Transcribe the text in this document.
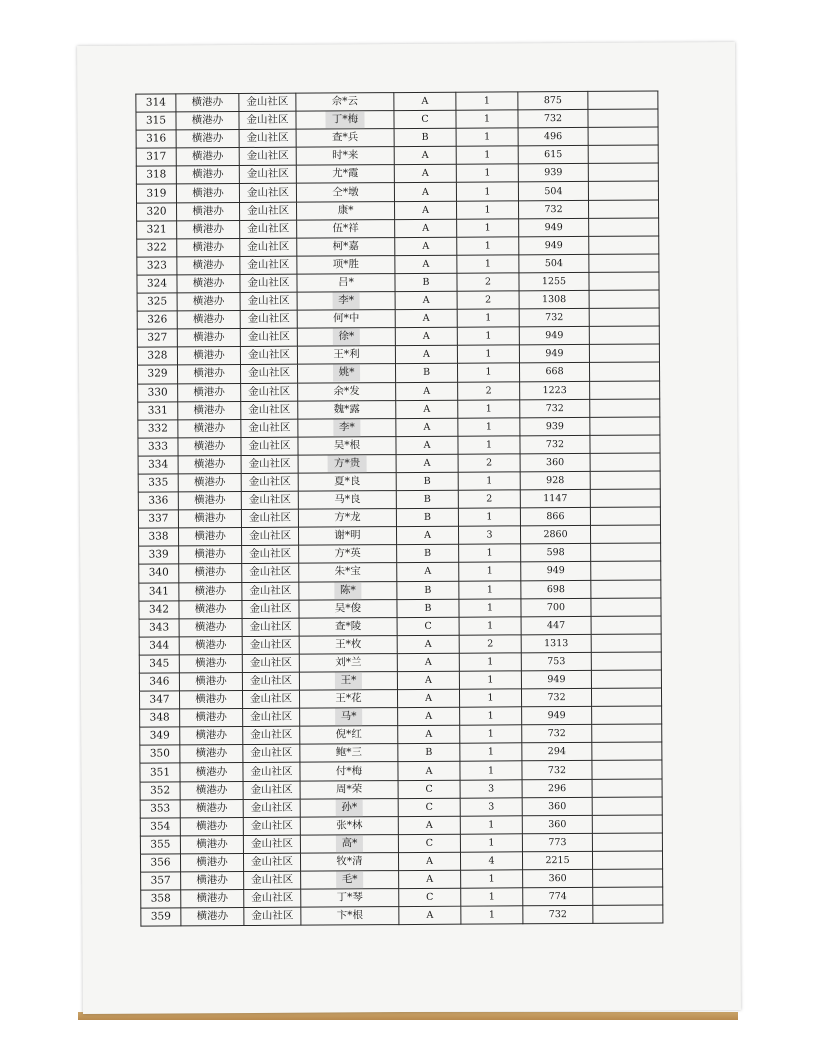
314	横港办	金山社区	佘*云	A	1	875	
315	横港办	金山社区	丁*梅	C	1	732	
316	横港办	金山社区	查*兵	B	1	496	
317	横港办	金山社区	时*来	A	1	615	
318	横港办	金山社区	尤*霞	A	1	939	
319	横港办	金山社区	仝*墩	A	1	504	
320	横港办	金山社区	康*	A	1	732	
321	横港办	金山社区	伍*祥	A	1	949	
322	横港办	金山社区	柯*嘉	A	1	949	
323	横港办	金山社区	项*胜	A	1	504	
324	横港办	金山社区	吕*	B	2	1255	
325	横港办	金山社区	李*	A	2	1308	
326	横港办	金山社区	何*中	A	1	732	
327	横港办	金山社区	徐*	A	1	949	
328	横港办	金山社区	王*利	A	1	949	
329	横港办	金山社区	姚*	B	1	668	
330	横港办	金山社区	余*发	A	2	1223	
331	横港办	金山社区	魏*露	A	1	732	
332	横港办	金山社区	李*	A	1	939	
333	横港办	金山社区	吴*根	A	1	732	
334	横港办	金山社区	方*贵	A	2	360	
335	横港办	金山社区	夏*良	B	1	928	
336	横港办	金山社区	马*良	B	2	1147	
337	横港办	金山社区	方*龙	B	1	866	
338	横港办	金山社区	谢*明	A	3	2860	
339	横港办	金山社区	方*英	B	1	598	
340	横港办	金山社区	朱*宝	A	1	949	
341	横港办	金山社区	陈*	B	1	698	
342	横港办	金山社区	吴*俊	B	1	700	
343	横港办	金山社区	查*陵	C	1	447	
344	横港办	金山社区	王*枚	A	2	1313	
345	横港办	金山社区	刘*兰	A	1	753	
346	横港办	金山社区	王*	A	1	949	
347	横港办	金山社区	王*花	A	1	732	
348	横港办	金山社区	马*	A	1	949	
349	横港办	金山社区	倪*红	A	1	732	
350	横港办	金山社区	鲍*三	B	1	294	
351	横港办	金山社区	付*梅	A	1	732	
352	横港办	金山社区	周*荣	C	3	296	
353	横港办	金山社区	孙*	C	3	360	
354	横港办	金山社区	张*林	A	1	360	
355	横港办	金山社区	高*	C	1	773	
356	横港办	金山社区	牧*清	A	4	2215	
357	横港办	金山社区	毛*	A	1	360	
358	横港办	金山社区	丁*琴	C	1	774	
359	横港办	金山社区	卞*根	A	1	732	
